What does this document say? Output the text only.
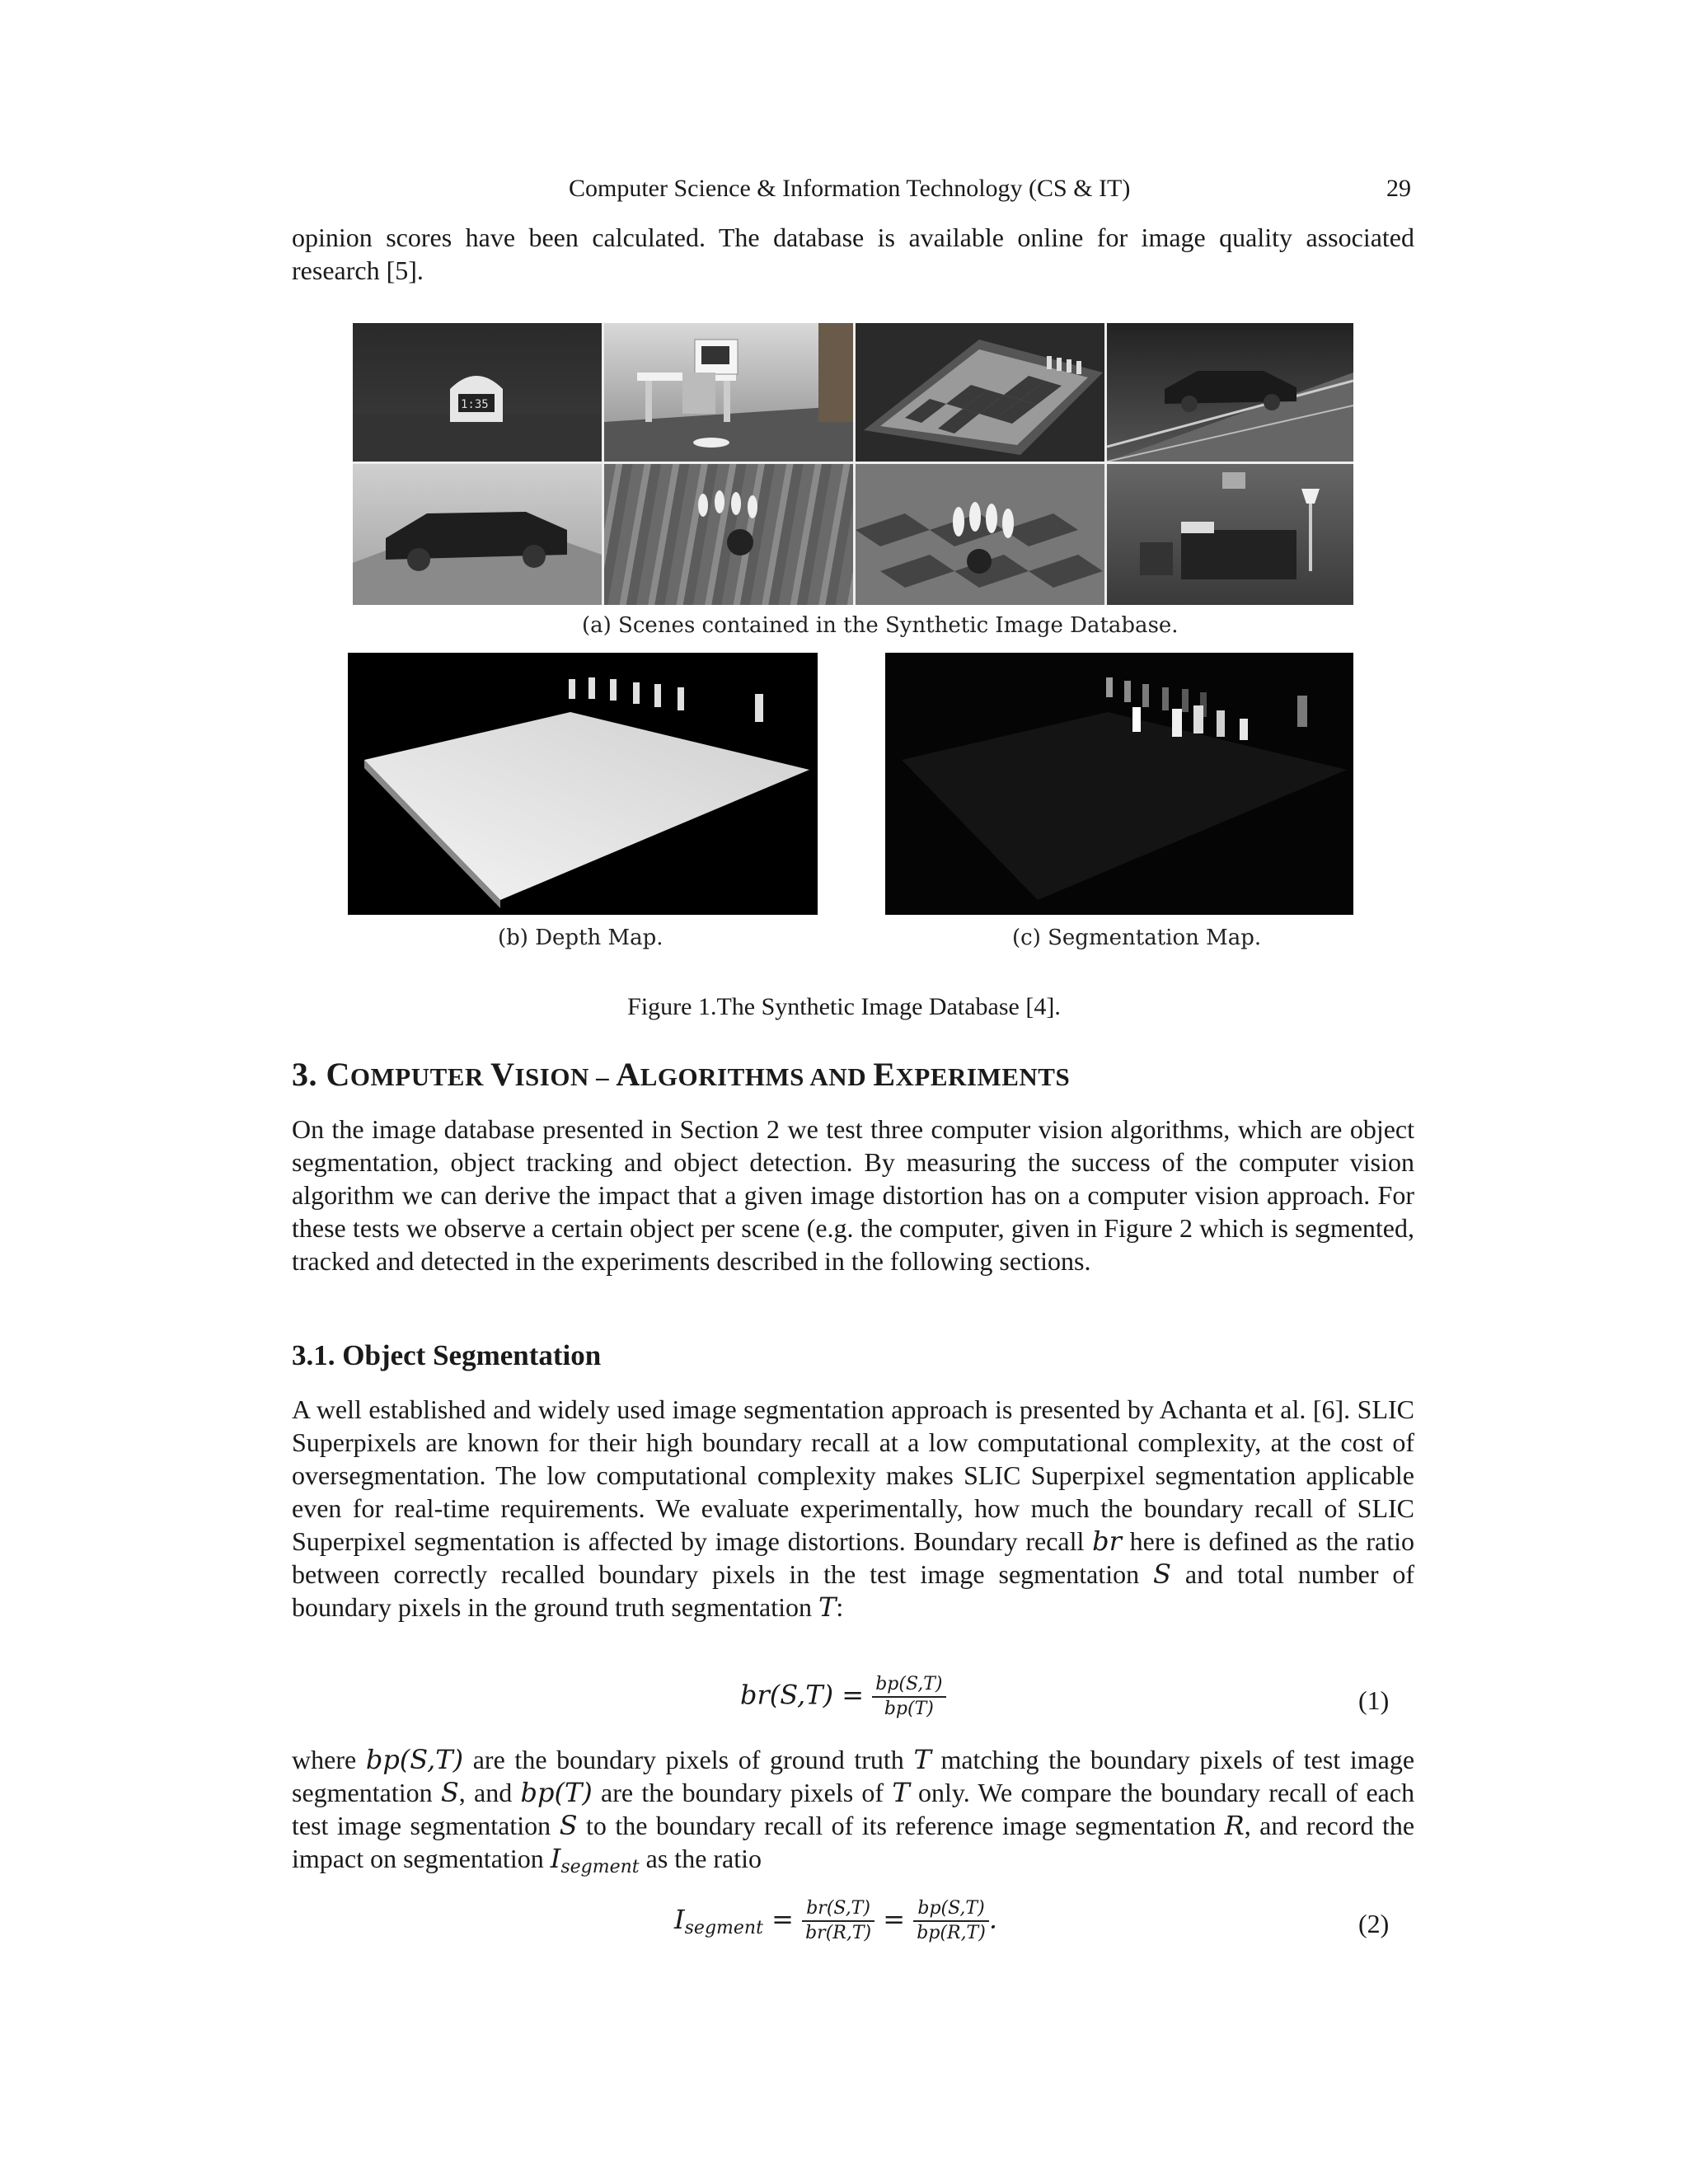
Computer Science & Information Technology (CS & IT)	29

opinion scores have been calculated. The database is available online for image quality associated research [5].

1:35
(a) Scenes contained in the Synthetic Image Database.
(b) Depth Map.	(c) Segmentation Map.
Figure 1.The Synthetic Image Database [4].
3. COMPUTER VISION – ALGORITHMS AND EXPERIMENTS

On the image database presented in Section 2 we test three computer vision algorithms, which are object segmentation, object tracking and object detection. By measuring the success of the computer vision algorithm we can derive the impact that a given image distortion has on a computer vision approach. For these tests we observe a certain object per scene (e.g. the computer, given in Figure 2 which is segmented, tracked and detected in the experiments described in the following sections.

3.1. Object Segmentation

A well established and widely used image segmentation approach is presented by Achanta et al. [6]. SLIC Superpixels are known for their high boundary recall at a low computational complexity, at the cost of oversegmentation. The low computational complexity makes SLIC Superpixel segmentation applicable even for real-time requirements. We evaluate experimentally, how much the boundary recall of SLIC Superpixel segmentation is affected by image distortions. Boundary recall br here is defined as the ratio between correctly recalled boundary pixels in the test image segmentation S and total number of boundary pixels in the ground truth segmentation T:

$br(S,T) = \frac{bp(S,T)}{bp(T)}$	(1)

where bp(S,T) are the boundary pixels of ground truth T matching the boundary pixels of test image segmentation S, and bp(T) are the boundary pixels of T only. We compare the boundary recall of each test image segmentation S to the boundary recall of its reference image segmentation R, and record the impact on segmentation $I_{segment}$ as the ratio

$I_{segment} = \frac{br(S,T)}{br(R,T)} = \frac{bp(S,T)}{bp(R,T)}$ .	(2)
